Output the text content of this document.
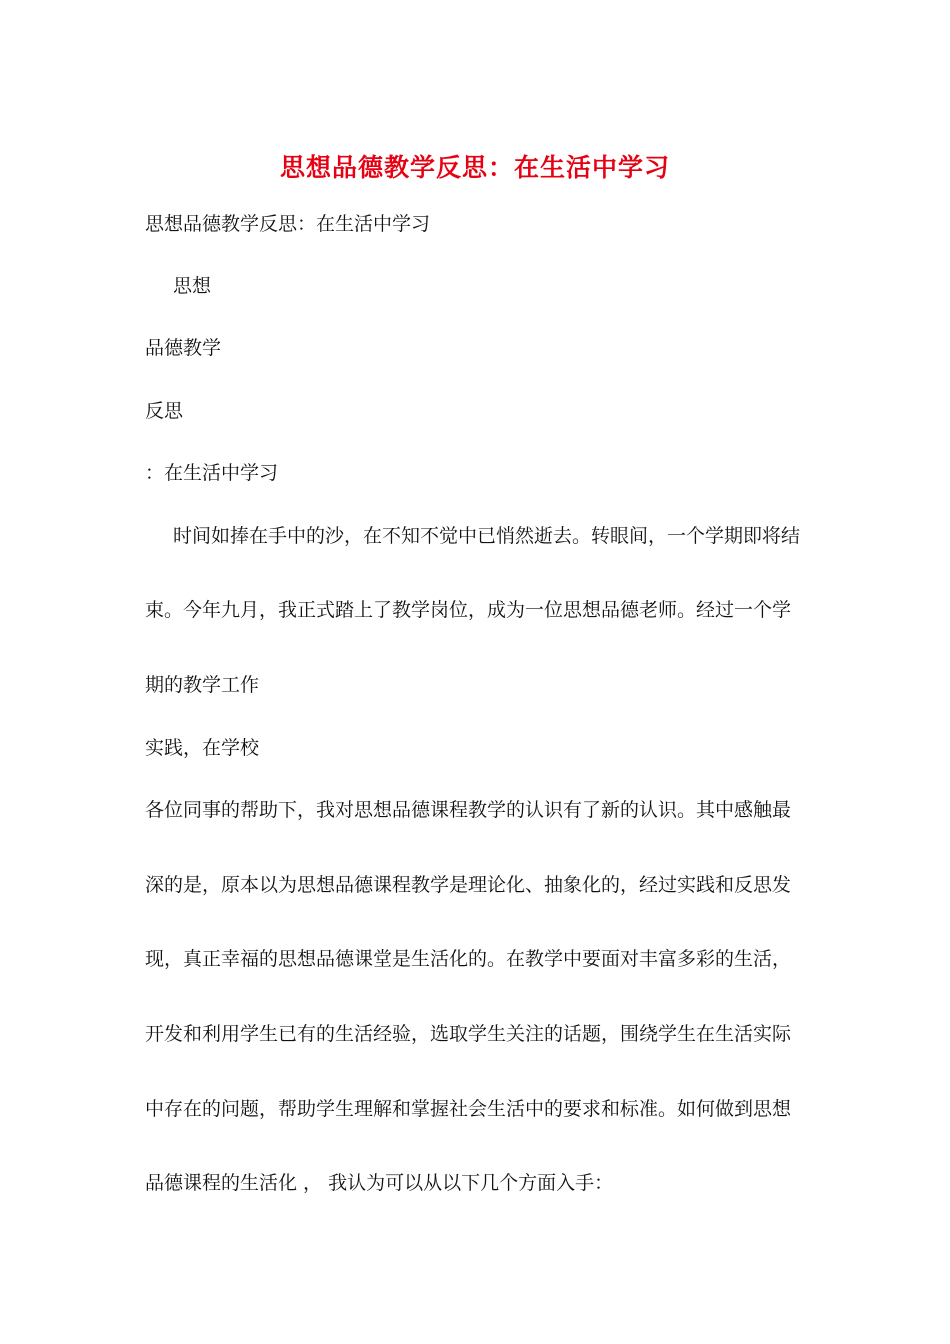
思想品德教学反思：在生活中学习
思想品德教学反思：在生活中学习
思想
品德教学
反思
：在生活中学习
时间如捧在手中的沙，在不知不觉中已悄然逝去。转眼间，一个学期即将结
束。今年九月，我正式踏上了教学岗位，成为一位思想品德老师。经过一个学
期的教学工作
实践，在学校
各位同事的帮助下，我对思想品德课程教学的认识有了新的认识。其中感触最
深的是，原本以为思想品德课程教学是理论化、抽象化的，经过实践和反思发
现，真正幸福的思想品德课堂是生活化的。在教学中要面对丰富多彩的生活，
开发和利用学生已有的生活经验，选取学生关注的话题，围绕学生在生活实际
中存在的问题，帮助学生理解和掌握社会生活中的要求和标准。如何做到思想
品德课程的生活化 ， 我认为可以从以下几个方面入手：
